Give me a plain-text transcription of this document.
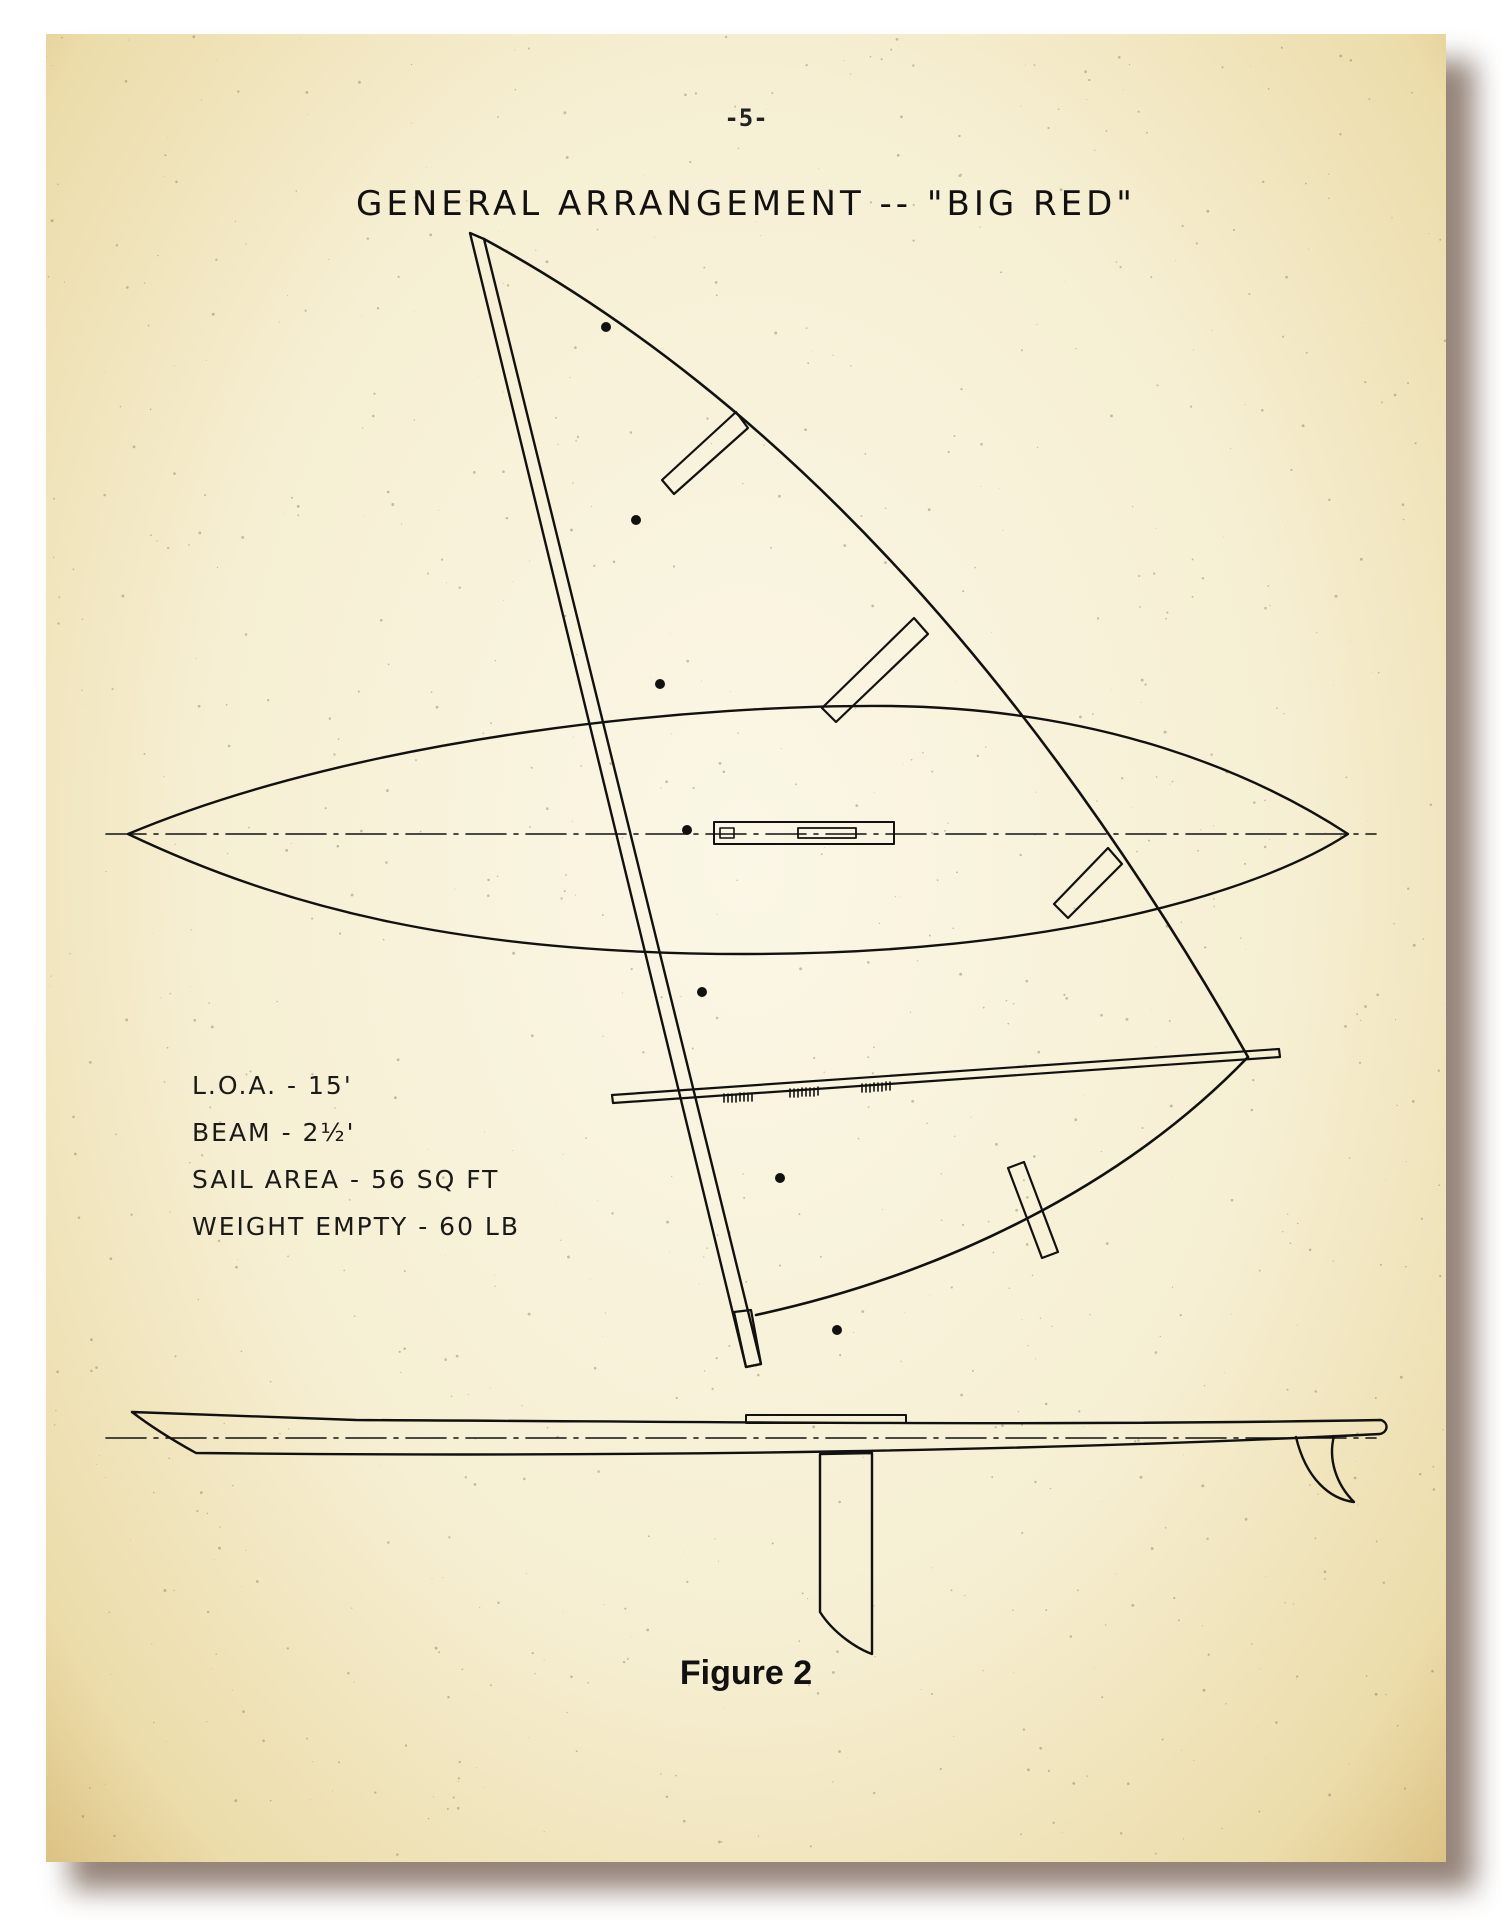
-5-
GENERAL ARRANGEMENT -- "BIG RED"
L.O.A. - 15'
BEAM - 2½'
SAIL AREA - 56 SQ FT
WEIGHT EMPTY - 60 LB
Figure 2
